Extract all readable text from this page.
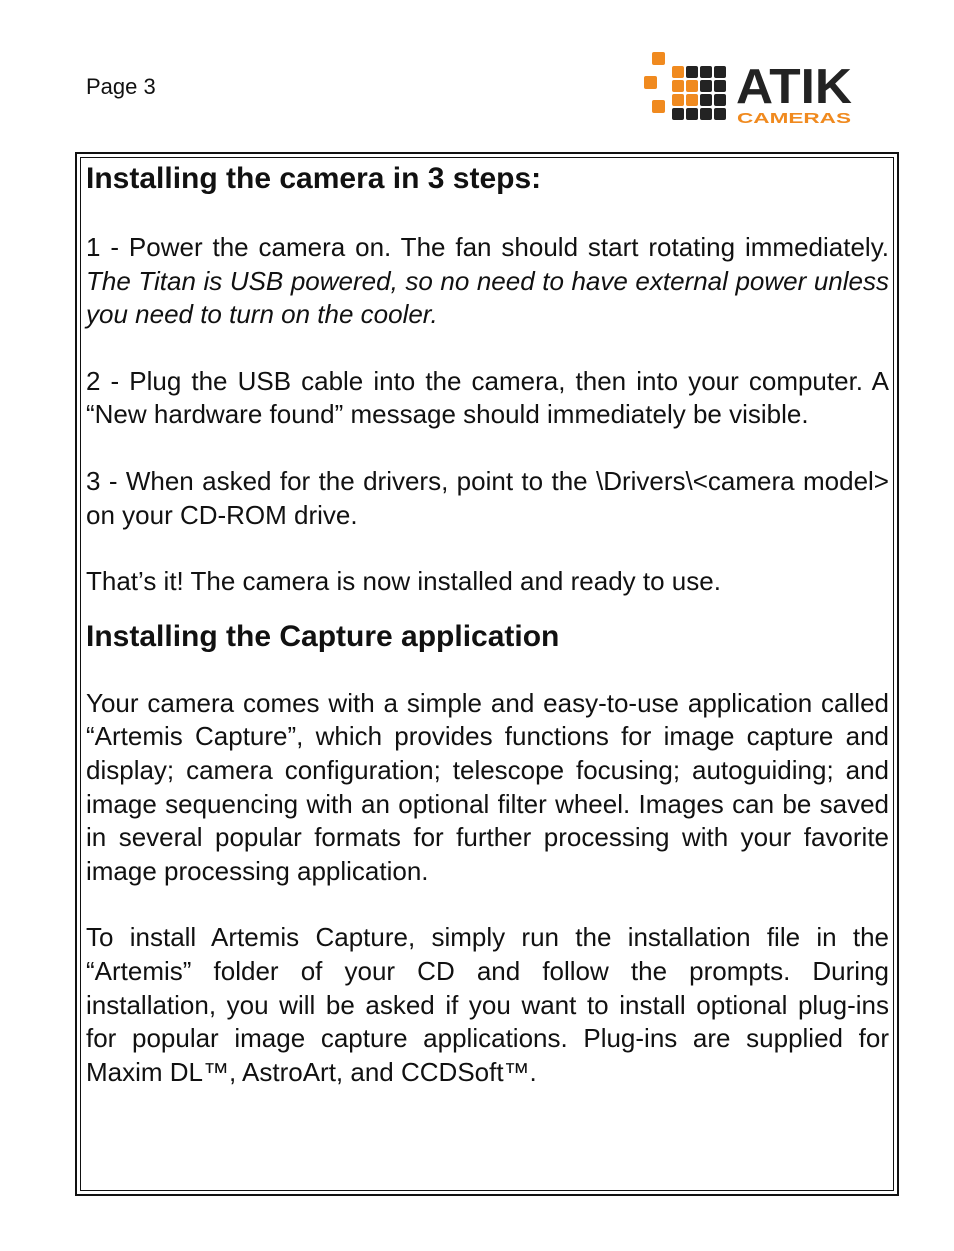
Page 3	ATIK
CAMERAS
Installing the camera in 3 steps:

1 - Power the camera on. The fan should start rotating immediately. The Titan is USB powered, so no need to have external power unless you need to turn on the cooler.

2 - Plug the USB cable into the camera, then into your computer. A “New hardware found” message should immediately be visible.

3 - When asked for the drivers, point to the \Drivers\<camera model> on your CD-ROM drive.

That’s it! The camera is now installed and ready to use.

Installing the Capture application

Your camera comes with a simple and easy-to-use application called “Artemis Capture”, which provides functions for image capture and display; camera configuration; telescope focusing; autoguiding; and image sequencing with an optional filter wheel. Images can be saved in several popular formats for further processing with your favorite image processing application.

To install Artemis Capture, simply run the installation file in the “Artemis” folder of your CD and follow the prompts. During installation, you will be asked if you want to install optional plug-ins for popular image capture applications. Plug-ins are supplied for Maxim DL™, AstroArt, and CCDSoft™.
